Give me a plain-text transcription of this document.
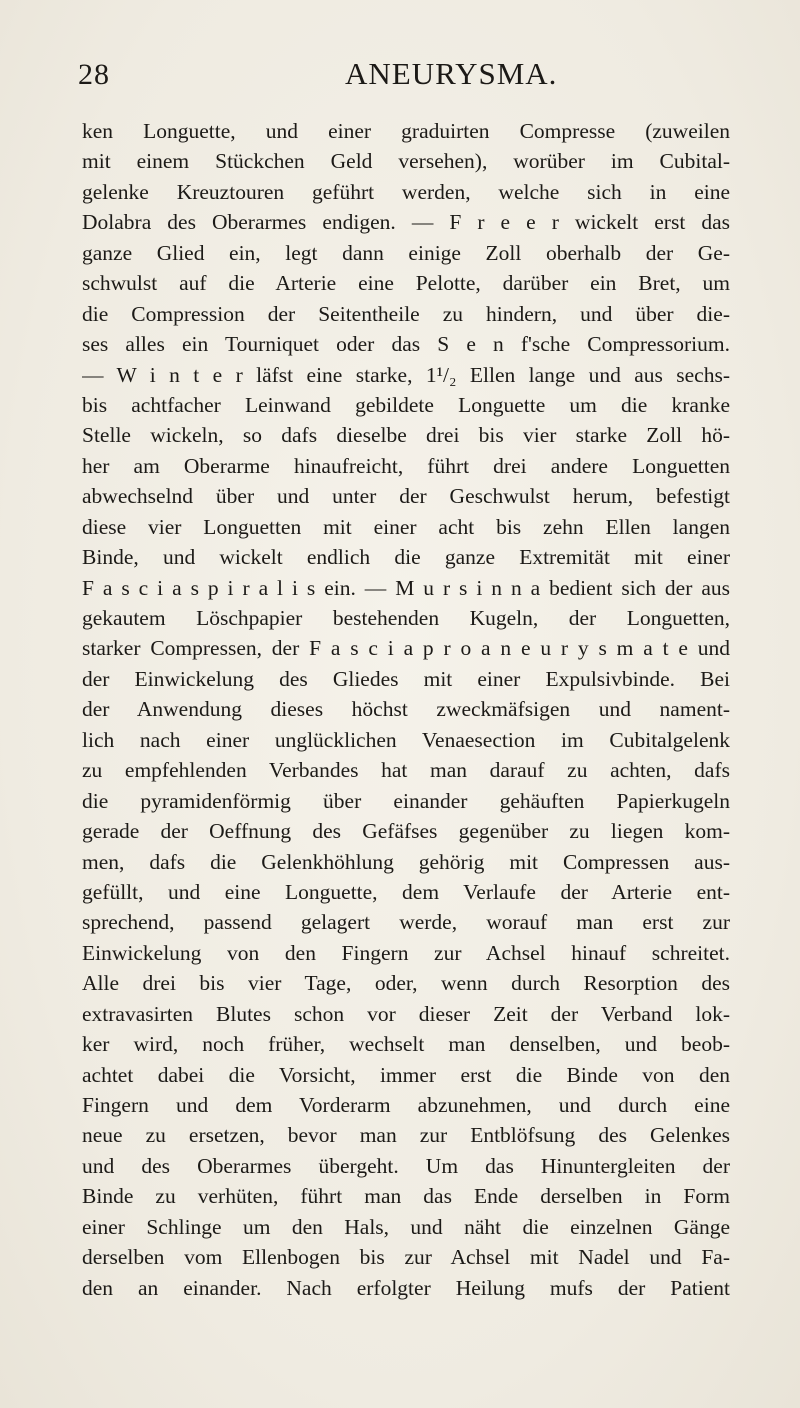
28	ANEURYSMA.
ken Longuette, und einer graduirten Compresse (zuweilen
mit einem Stückchen Geld versehen), worüber im Cubital-
gelenke Kreuztouren geführt werden, welche sich in eine
Dolabra des Oberarmes endigen. — F r e e r wickelt erst das
ganze Glied ein, legt dann einige Zoll oberhalb der Ge-
schwulst auf die Arterie eine Pelotte, darüber ein Bret, um
die Compression der Seitentheile zu hindern, und über die-
ses alles ein Tourniquet oder das S e n f'sche Compressorium.
— W i n t e r läfst eine starke, 1¹/₂ Ellen lange und aus sechs-
bis achtfacher Leinwand gebildete Longuette um die kranke
Stelle wickeln, so dafs dieselbe drei bis vier starke Zoll hö-
her am Oberarme hinaufreicht, führt drei andere Longuetten
abwechselnd über und unter der Geschwulst herum, befestigt
diese vier Longuetten mit einer acht bis zehn Ellen langen
Binde, und wickelt endlich die ganze Extremität mit einer
F a s c i a s p i r a l i s ein. — M u r s i n n a bedient sich der aus
gekautem Löschpapier bestehenden Kugeln, der Longuetten,
starker Compressen, der F a s c i a p r o a n e u r y s m a t e und
der Einwickelung des Gliedes mit einer Expulsivbinde. Bei
der Anwendung dieses höchst zweckmäfsigen und nament-
lich nach einer unglücklichen Venaesection im Cubitalgelenk
zu empfehlenden Verbandes hat man darauf zu achten, dafs
die pyramidenförmig über einander gehäuften Papierkugeln
gerade der Oeffnung des Gefäfses gegenüber zu liegen kom-
men, dafs die Gelenkhöhlung gehörig mit Compressen aus-
gefüllt, und eine Longuette, dem Verlaufe der Arterie ent-
sprechend, passend gelagert werde, worauf man erst zur
Einwickelung von den Fingern zur Achsel hinauf schreitet.
Alle drei bis vier Tage, oder, wenn durch Resorption des
extravasirten Blutes schon vor dieser Zeit der Verband lok-
ker wird, noch früher, wechselt man denselben, und beob-
achtet dabei die Vorsicht, immer erst die Binde von den
Fingern und dem Vorderarm abzunehmen, und durch eine
neue zu ersetzen, bevor man zur Entblöfsung des Gelenkes
und des Oberarmes übergeht. Um das Hinuntergleiten der
Binde zu verhüten, führt man das Ende derselben in Form
einer Schlinge um den Hals, und näht die einzelnen Gänge
derselben vom Ellenbogen bis zur Achsel mit Nadel und Fa-
den an einander. Nach erfolgter Heilung mufs der Patient
